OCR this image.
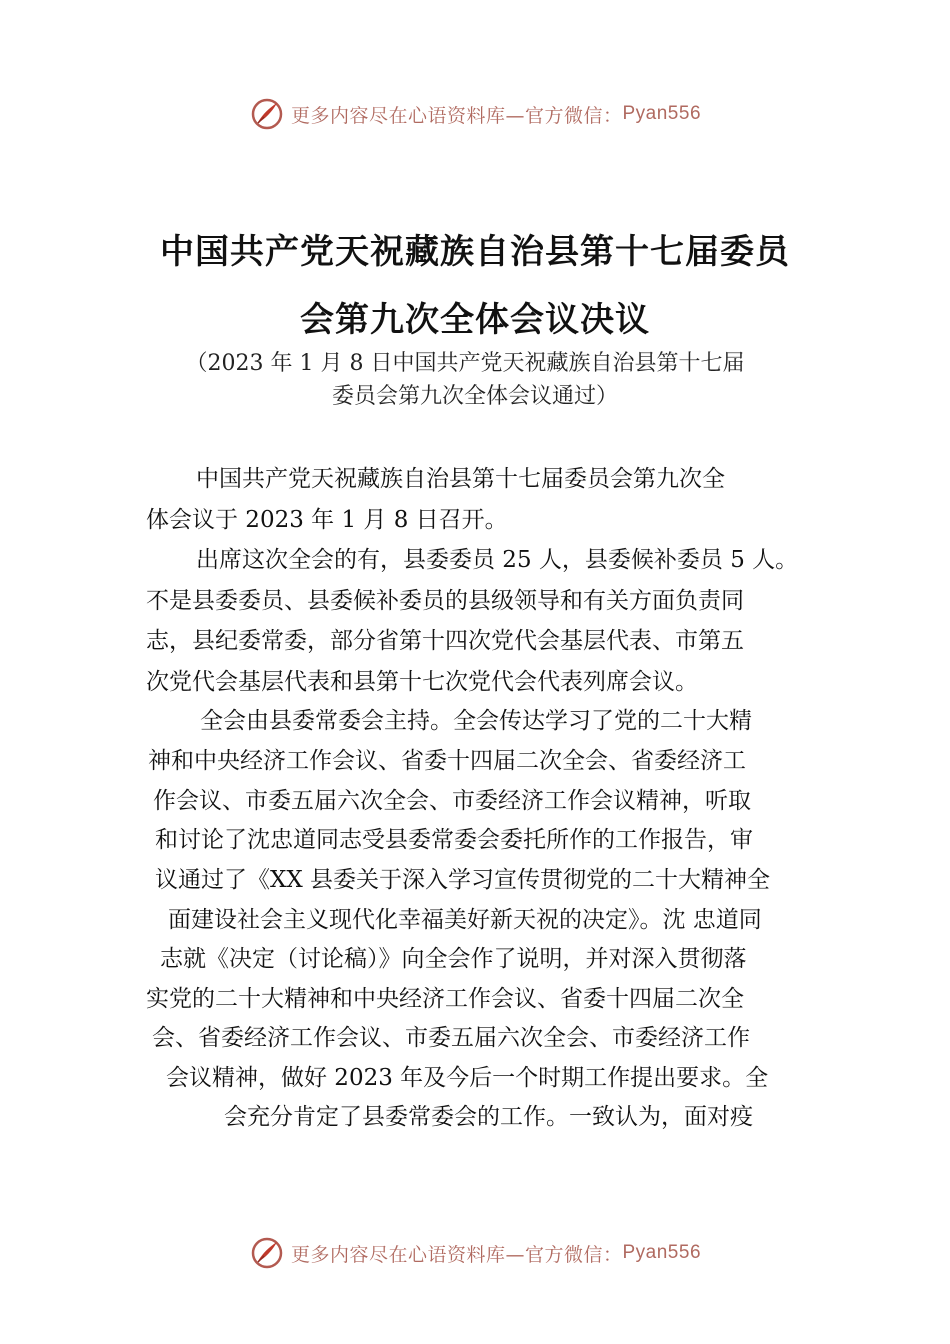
更多内容尽在心语资料库—官方微信： Pyan556
中国共产党天祝藏族自治县第十七届委员
会第九次全体会议决议
（2023 年 1 月 8 日中国共产党天祝藏族自治县第十七届
委员会第九次全体会议通过）
中国共产党天祝藏族自治县第十七届委员会第九次全
体会议于 2023 年 1 月 8 日召开。
出席这次全会的有，县委委员 25 人，县委候补委员 5 人。
不是县委委员、县委候补委员的县级领导和有关方面负责同
志，县纪委常委，部分省第十四次党代会基层代表、市第五
次党代会基层代表和县第十七次党代会代表列席会议。
全会由县委常委会主持。全会传达学习了党的二十大精
神和中央经济工作会议、省委十四届二次全会、省委经济工
作会议、市委五届六次全会、市委经济工作会议精神，听取
和讨论了沈忠道同志受县委常委会委托所作的工作报告，审
议通过了《XX 县委关于深入学习宣传贯彻党的二十大精神全
面建设社会主义现代化幸福美好新天祝的决定》。沈 忠道同
志就《决定（讨论稿）》向全会作了说明，并对深入贯彻落
实党的二十大精神和中央经济工作会议、省委十四届二次全
会、省委经济工作会议、市委五届六次全会、市委经济工作
会议精神，做好 2023 年及今后一个时期工作提出要求。全
会充分肯定了县委常委会的工作。一致认为，面对疫
更多内容尽在心语资料库—官方微信： Pyan556
